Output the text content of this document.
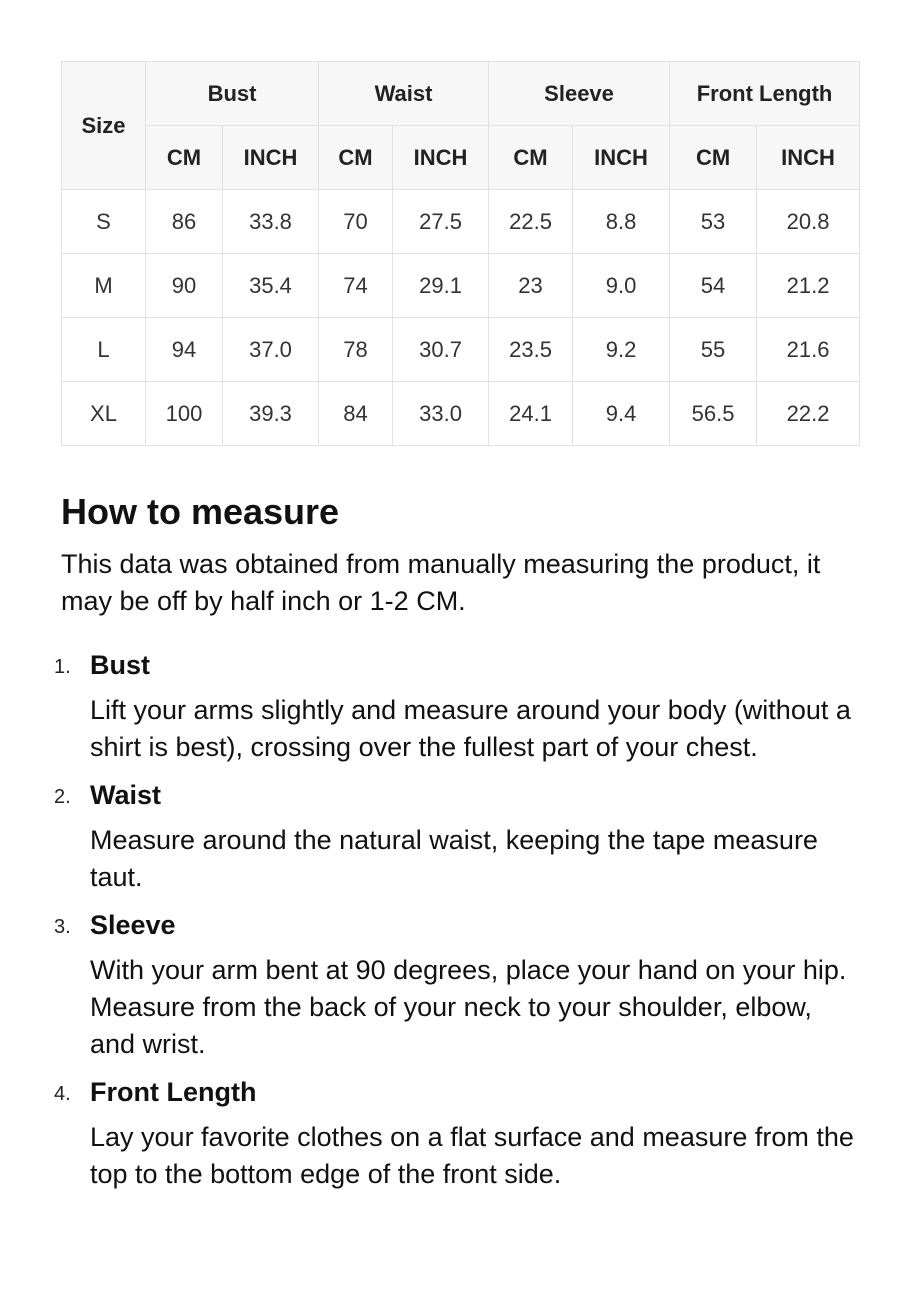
Size	Bust		Waist		Sleeve		Front Length	
	CM	INCH	CM	INCH	CM	INCH	CM	INCH
S	86	33.8	70	27.5	22.5	8.8	53	20.8
M	90	35.4	74	29.1	23	9.0	54	21.2
L	94	37.0	78	30.7	23.5	9.2	55	21.6
XL	100	39.3	84	33.0	24.1	9.4	56.5	22.2
How to measure

This data was obtained from manually measuring the product, it may be off by half inch or 1-2 CM.

1. Bust
Lift your arms slightly and measure around your body (without a shirt is best), crossing over the fullest part of your chest.
2. Waist
Measure around the natural waist, keeping the tape measure taut.
3. Sleeve
With your arm bent at 90 degrees, place your hand on your hip. Measure from the back of your neck to your shoulder, elbow, and wrist.
4. Front Length
Lay your favorite clothes on a flat surface and measure from the top to the bottom edge of the front side.
